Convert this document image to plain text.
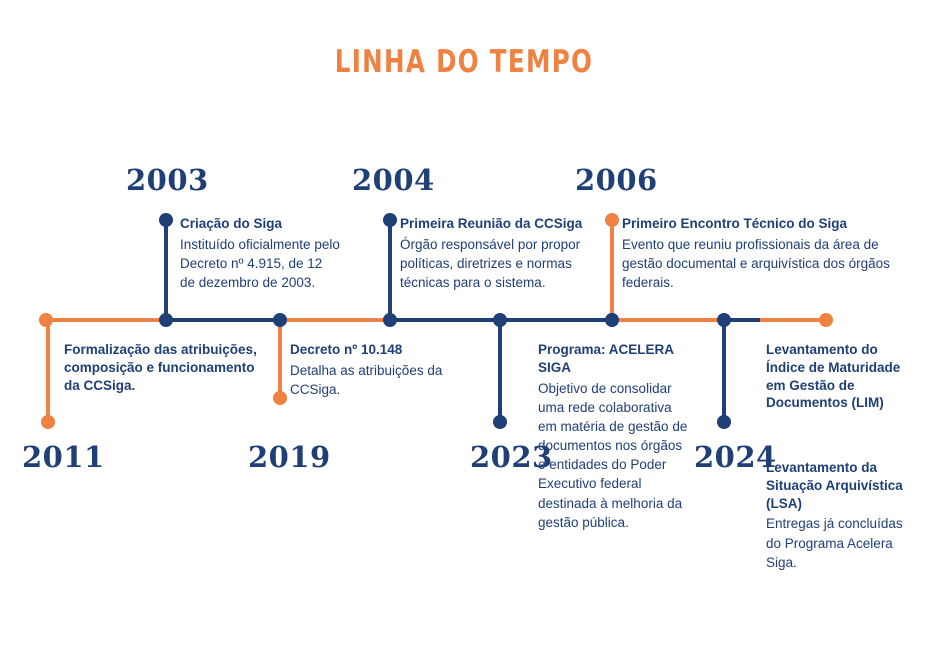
LINHA DO TEMPO
2003	2004	2006
2011	2019	2023	2024
Criação do Siga
Instituído oficialmente pelo Decreto nº 4.915, de 12 de dezembro de 2003.
Primeira Reunião da CCSiga
Órgão responsável por propor políticas, diretrizes e normas técnicas para o sistema.
Primeiro Encontro Técnico do Siga
Evento que reuniu profissionais da área de gestão documental e arquivística dos órgãos federais.
Formalização das atribuições, composição e funcionamento da CCSiga.
Decreto nº 10.148
Detalha as atribuições da CCSiga.
Programa: ACELERA SIGA
Objetivo de consolidar uma rede colaborativa em matéria de gestão de documentos nos órgãos e entidades do Poder Executivo federal destinada à melhoria da gestão pública.
Levantamento do Índice de Maturidade em Gestão de Documentos (LIM)
Levantamento da Situação Arquivística (LSA)
Entregas já concluídas do Programa Acelera Siga.
